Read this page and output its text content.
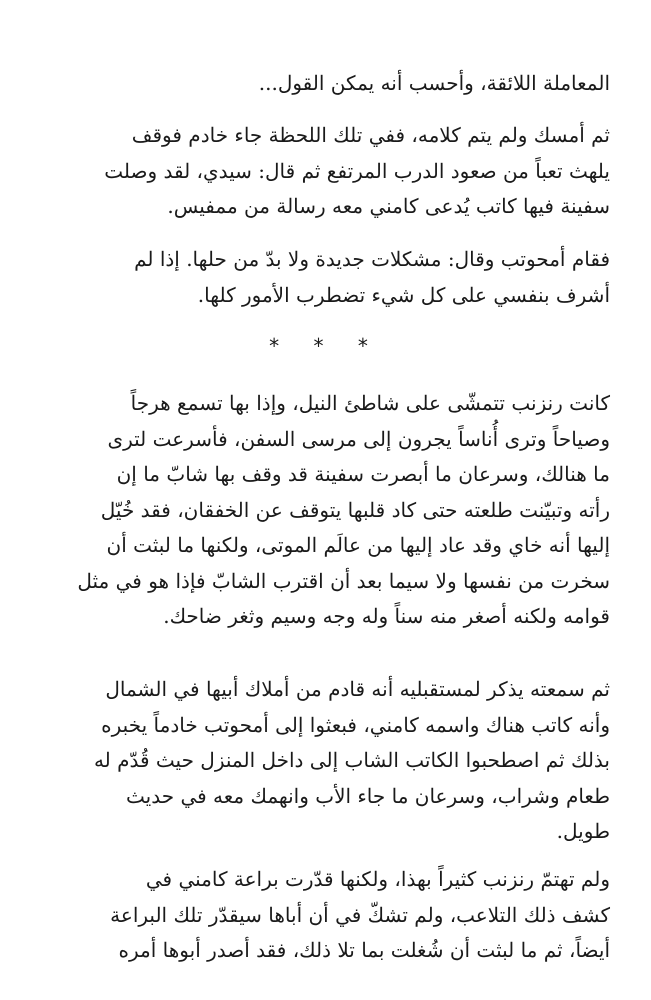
المعاملة اللائقة، وأحسب أنه يمكن القول...
ثم أمسك ولم يتم كلامه، ففي تلك اللحظة جاء خادم فوقف
يلهث تعباً من صعود الدرب المرتفع ثم قال: سيدي، لقد وصلت
سفينة فيها كاتب يُدعى كامني معه رسالة من ممفيس.
فقام أمحوتب وقال: مشكلات جديدة ولا بدّ من حلها. إذا لم
أشرف بنفسي على كل شيء تضطرب الأمور كلها.
* * *
كانت رنزنب تتمشّى على شاطئ النيل، وإذا بها تسمع هرجاً
وصياحاً وترى أُناساً يجرون إلى مرسى السفن، فأسرعت لترى
ما هنالك، وسرعان ما أبصرت سفينة قد وقف بها شابّ ما إن
رأته وتبيّنت طلعته حتى كاد قلبها يتوقف عن الخفقان، فقد خُيّل
إليها أنه خاي وقد عاد إليها من عالَم الموتى، ولكنها ما لبثت أن
سخرت من نفسها ولا سيما بعد أن اقترب الشابّ فإذا هو في مثل
قوامه ولكنه أصغر منه سناً وله وجه وسيم وثغر ضاحك.
ثم سمعته يذكر لمستقبليه أنه قادم من أملاك أبيها في الشمال
وأنه كاتب هناك واسمه كامني، فبعثوا إلى أمحوتب خادماً يخبره
بذلك ثم اصطحبوا الكاتب الشاب إلى داخل المنزل حيث قُدّم له
طعام وشراب، وسرعان ما جاء الأب وانهمك معه في حديث
طويل.
ولم تهتمّ رنزنب كثيراً بهذا، ولكنها قدّرت براعة كامني في
كشف ذلك التلاعب، ولم تشكّ في أن أباها سيقدّر تلك البراعة
أيضاً، ثم ما لبثت أن شُغلت بما تلا ذلك، فقد أصدر أبوها أمره
